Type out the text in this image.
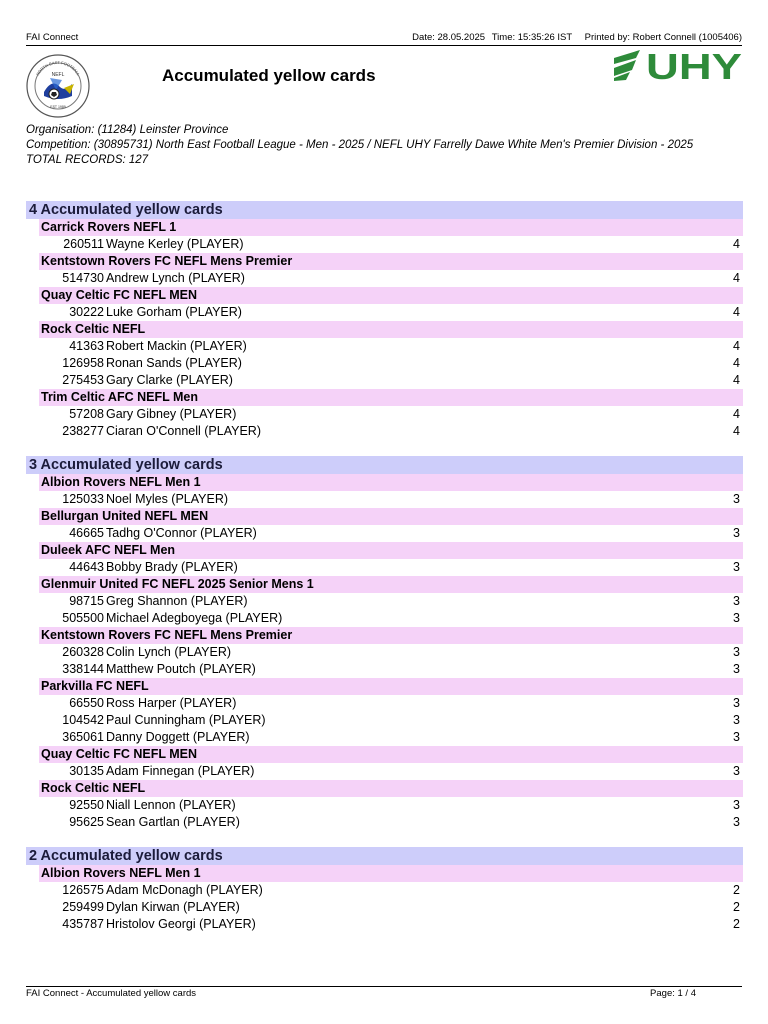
FAI Connect	Date: 28.05.2025 Time: 15:35:26 IST Printed by: Robert Connell (1005406)
NEFL
EST 1989
NORTH EAST FOOTBALL	Accumulated yellow cards	UHY
Organisation: (11284) Leinster Province
Competition: (30895731) North East Football League - Men - 2025 / NEFL UHY Farrelly Dawe White Men's Premier Division - 2025
TOTAL RECORDS: 127
4 Accumulated yellow cards
Carrick Rovers NEFL 1
260511 Wayne Kerley (PLAYER)	4
Kentstown Rovers FC NEFL Mens Premier
514730 Andrew Lynch (PLAYER)	4
Quay Celtic FC NEFL MEN
30222 Luke Gorham (PLAYER)	4
Rock Celtic NEFL
41363 Robert Mackin (PLAYER)	4
126958 Ronan Sands (PLAYER)	4
275453 Gary Clarke (PLAYER)	4
Trim Celtic AFC NEFL Men
57208 Gary Gibney (PLAYER)	4
238277 Ciaran O'Connell (PLAYER)	4
3 Accumulated yellow cards
Albion Rovers NEFL Men 1
125033 Noel Myles (PLAYER)	3
Bellurgan United NEFL MEN
46665 Tadhg O'Connor (PLAYER)	3
Duleek AFC NEFL Men
44643 Bobby Brady (PLAYER)	3
Glenmuir United FC NEFL 2025 Senior Mens 1
98715 Greg Shannon (PLAYER)	3
505500 Michael Adegboyega (PLAYER)	3
Kentstown Rovers FC NEFL Mens Premier
260328 Colin Lynch (PLAYER)	3
338144 Matthew Poutch (PLAYER)	3
Parkvilla FC NEFL
66550 Ross Harper (PLAYER)	3
104542 Paul Cunningham (PLAYER)	3
365061 Danny Doggett (PLAYER)	3
Quay Celtic FC NEFL MEN
30135 Adam Finnegan (PLAYER)	3
Rock Celtic NEFL
92550 Niall Lennon (PLAYER)	3
95625 Sean Gartlan (PLAYER)	3
2 Accumulated yellow cards
Albion Rovers NEFL Men 1
126575 Adam McDonagh (PLAYER)	2
259499 Dylan Kirwan (PLAYER)	2
435787 Hristolov Georgi (PLAYER)	2
FAI Connect - Accumulated yellow cards	Page: 1 / 4
